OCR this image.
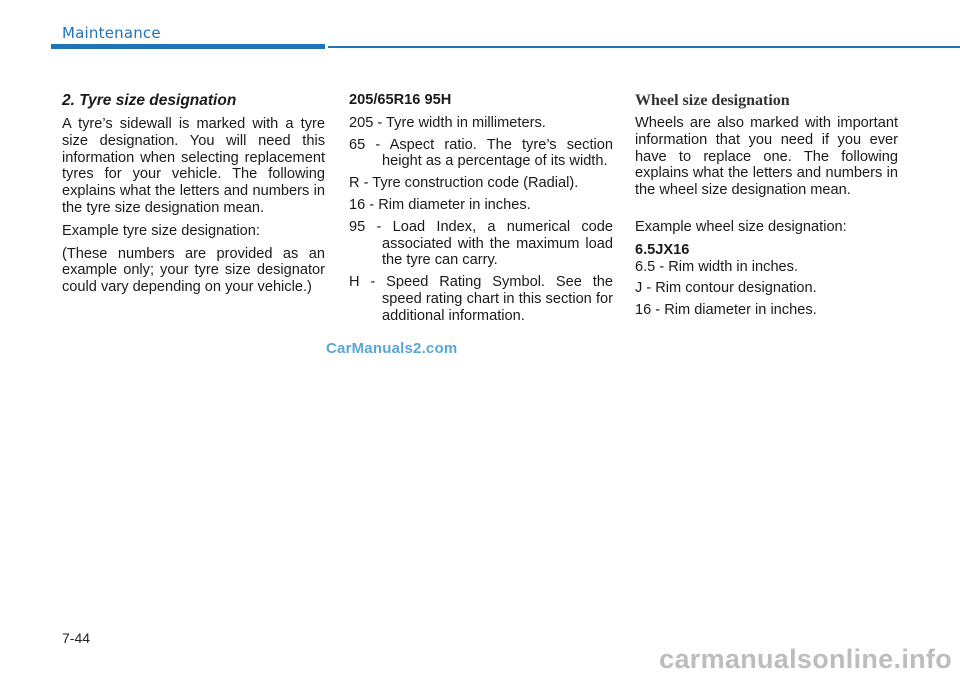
Maintenance

2. Tyre size designation

A tyre’s sidewall is marked with a tyre size designation. You will need this information when selecting replacement tyres for your vehicle. The following explains what the letters and numbers in the tyre size designation mean.

Example tyre size designation:

(These numbers are provided as an example only; your tyre size designator could vary depending on your vehicle.)

205/65R16 95H

205 - Tyre width in millimeters.

65 - Aspect ratio. The tyre’s section height as a percentage of its width.

R - Tyre construction code (Radial).

16 - Rim diameter in inches.

95 - Load Index, a numerical code associated with the maximum load the tyre can carry.

H - Speed Rating Symbol. See the speed rating chart in this section for additional information.

Wheel size designation

Wheels are also marked with important information that you need if you ever have to replace one. The following explains what the letters and numbers in the wheel size designation mean.

Example wheel size designation:

6.5JX16

6.5 - Rim width in inches.

J - Rim contour designation.

16 - Rim diameter in inches.

CarManuals2.com
7-44
carmanualsonline.info
